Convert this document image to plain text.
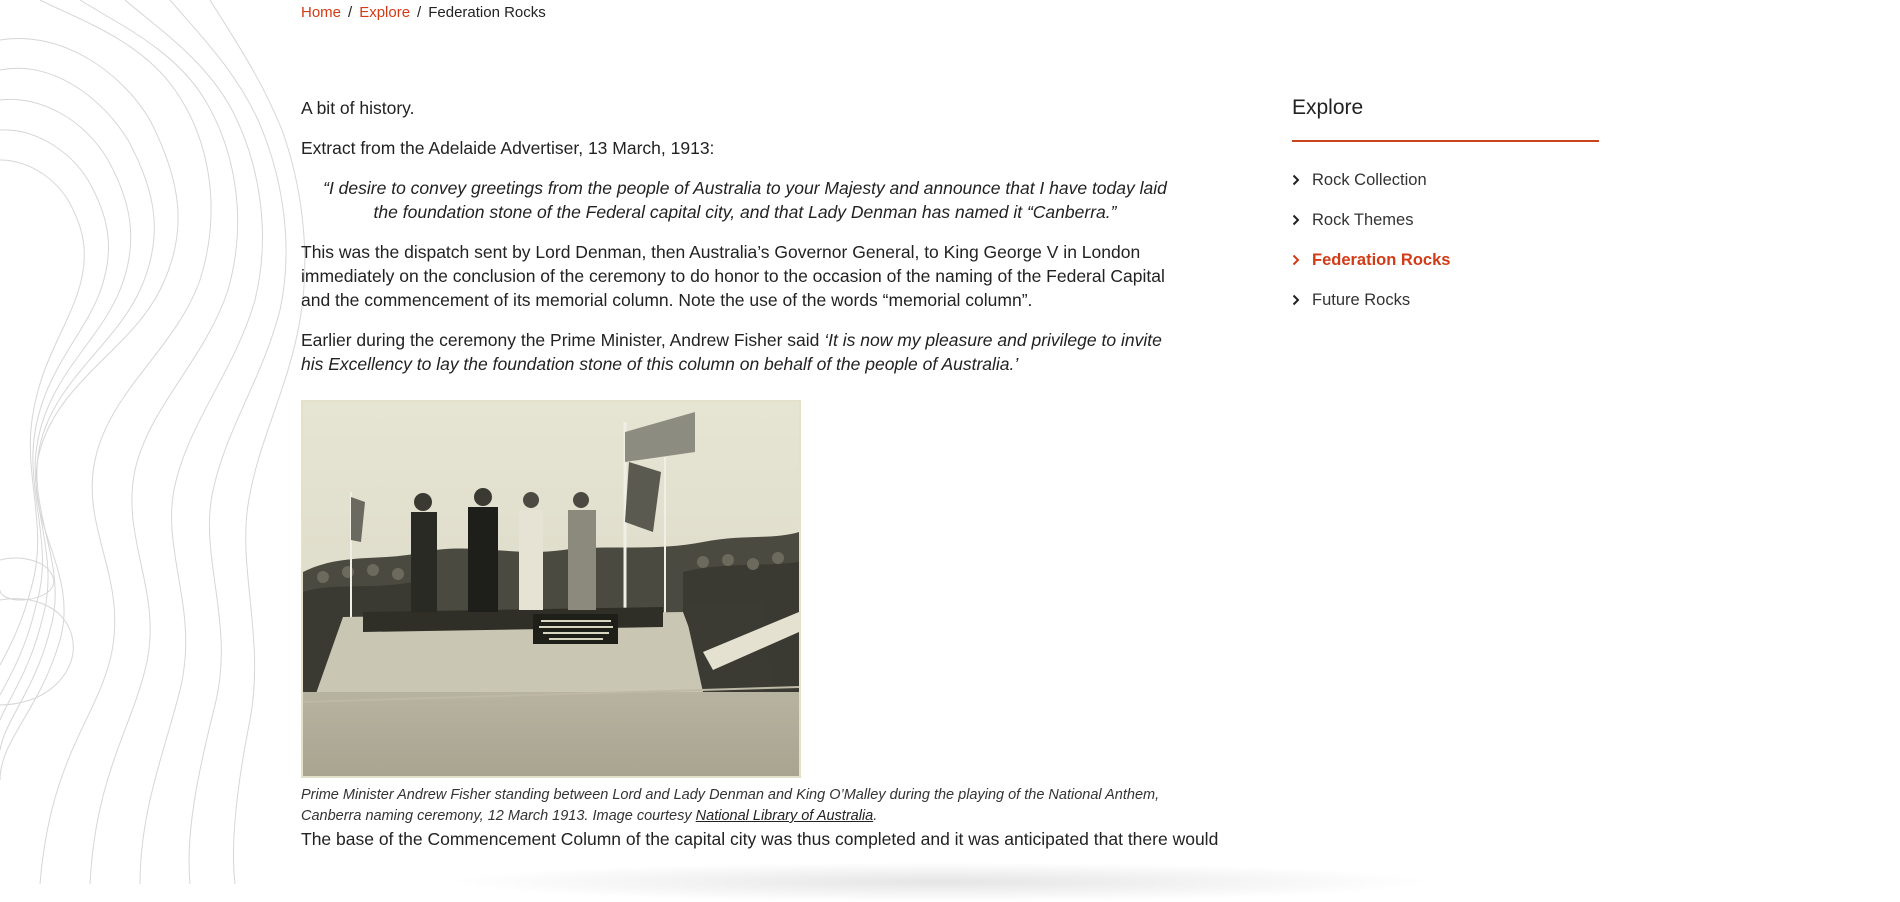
Home / Explore / Federation Rocks

A bit of history.

Extract from the Adelaide Advertiser, 13 March, 1913:

“I desire to convey greetings from the people of Australia to your Majesty and announce that I have today laid the foundation stone of the Federal capital city, and that Lady Denman has named it “Canberra.”

This was the dispatch sent by Lord Denman, then Australia’s Governor General, to King George V in London immediately on the conclusion of the ceremony to do honor to the occasion of the naming of the Federal Capital and the commencement of its memorial column. Note the use of the words “memorial column”.

Earlier during the ceremony the Prime Minister, Andrew Fisher said ‘It is now my pleasure and privilege to invite his Excellency to lay the foundation stone of this column on behalf of the people of Australia.’

Prime Minister Andrew Fisher standing between Lord and Lady Denman and King O’Malley during the playing of the National Anthem, Canberra naming ceremony, 12 March 1913. Image courtesy National Library of Australia.

The base of the Commencement Column of the capital city was thus completed and it was anticipated that there would

Explore
Rock Collection
Rock Themes
Federation Rocks
Future Rocks
